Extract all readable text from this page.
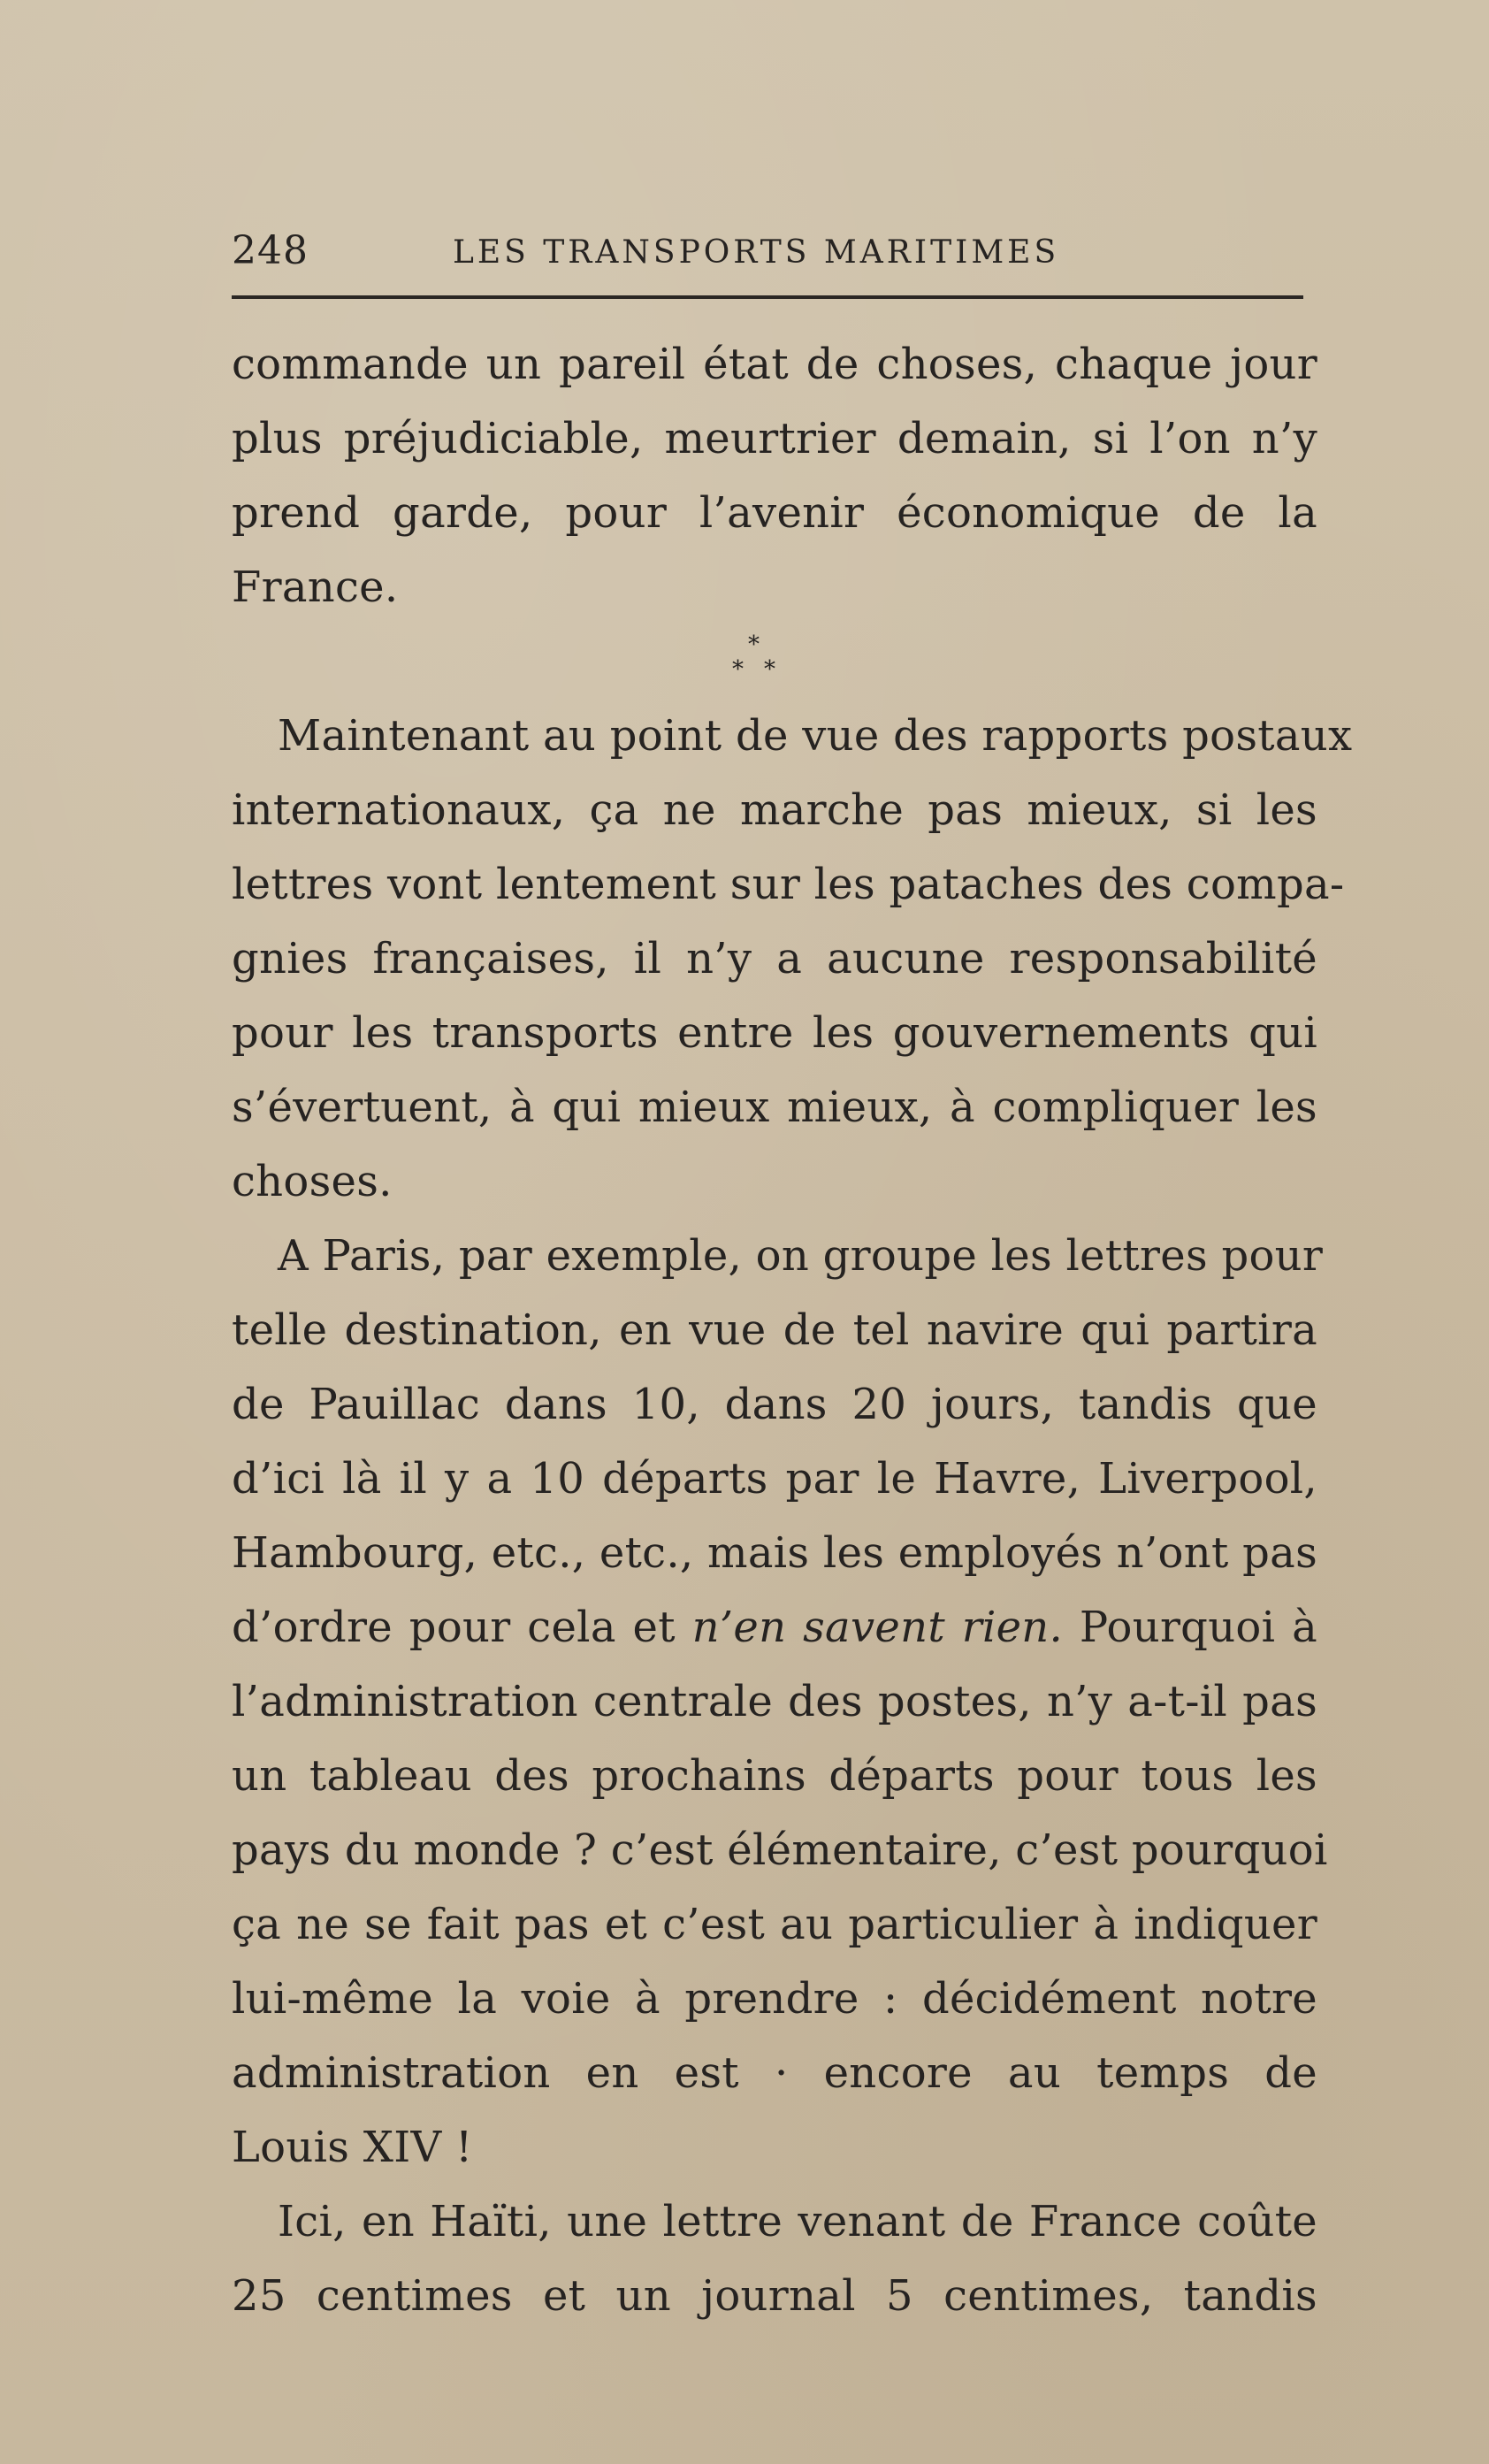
248	LES TRANSPORTS MARITIMES
commande un pareil état de choses, chaque jour
plus préjudiciable, meurtrier demain, si l’on n’y
prend garde, pour l’avenir économique de la
France.
*
* *
Maintenant au point de vue des rapports postaux
internationaux, ça ne marche pas mieux, si les
lettres vont lentement sur les pataches des compa-
gnies françaises, il n’y a aucune responsabilité
pour les transports entre les gouvernements qui
s’évertuent, à qui mieux mieux, à compliquer les
choses.
A Paris, par exemple, on groupe les lettres pour
telle destination, en vue de tel navire qui partira
de Pauillac dans 10, dans 20 jours, tandis que
d’ici là il y a 10 départs par le Havre, Liverpool,
Hambourg, etc., etc., mais les employés n’ont pas
d’ordre pour cela et n’en savent rien. Pourquoi à
l’administration centrale des postes, n’y a-t-il pas
un tableau des prochains départs pour tous les
pays du monde ? c’est élémentaire, c’est pourquoi
ça ne se fait pas et c’est au particulier à indiquer
lui-même la voie à prendre : décidément notre
administration en est · encore au temps de
Louis XIV !
Ici, en Haïti, une lettre venant de France coûte
25 centimes et un journal 5 centimes, tandis
